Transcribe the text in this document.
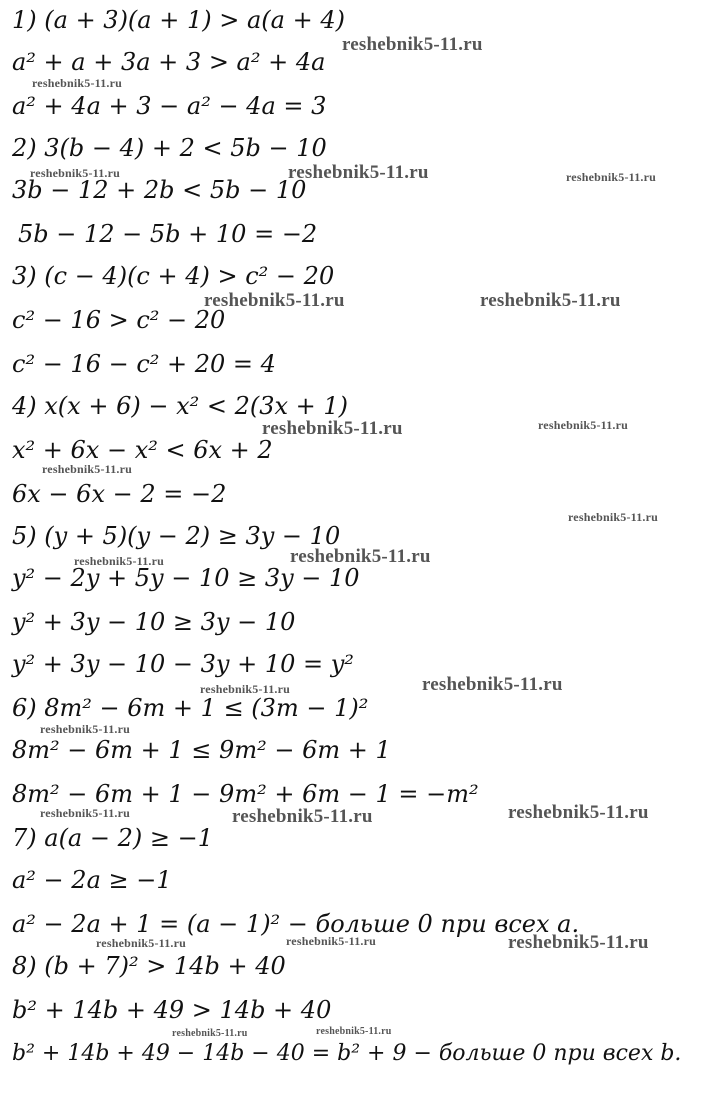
1) (a + 3)(a + 1) > a(a + 4)
a² + a + 3a + 3 > a² + 4a
a² + 4a + 3 − a² − 4a = 3
2) 3(b − 4) + 2 < 5b − 10
3b − 12 + 2b < 5b − 10
5b − 12 − 5b + 10 = −2
3) (c − 4)(c + 4) > c² − 20
c² − 16 > c² − 20
c² − 16 − c² + 20 = 4
4) x(x + 6) − x² < 2(3x + 1)
x² + 6x − x² < 6x + 2
6x − 6x − 2 = −2
5) (y + 5)(y − 2) ≥ 3y − 10
y² − 2y + 5y − 10 ≥ 3y − 10
y² + 3y − 10 ≥ 3y − 10
y² + 3y − 10 − 3y + 10 = y²
6) 8m² − 6m + 1 ≤ (3m − 1)²
8m² − 6m + 1 ≤ 9m² − 6m + 1
8m² − 6m + 1 − 9m² + 6m − 1 = −m²
7) a(a − 2) ≥ −1
a² − 2a ≥ −1
a² − 2a + 1 = (a − 1)² − больше 0 при всех a.
8) (b + 7)² > 14b + 40
b² + 14b + 49 > 14b + 40
b² + 14b + 49 − 14b − 40 = b² + 9 − больше 0 при всех b.
reshebnik5-11.ru
reshebnik5-11.ru
reshebnik5-11.ru	reshebnik5-11.ru	reshebnik5-11.ru
reshebnik5-11.ru	reshebnik5-11.ru
reshebnik5-11.ru	reshebnik5-11.ru
reshebnik5-11.ru
reshebnik5-11.ru
reshebnik5-11.ru	reshebnik5-11.ru
reshebnik5-11.ru
reshebnik5-11.ru
reshebnik5-11.ru
reshebnik5-11.ru	reshebnik5-11.ru	reshebnik5-11.ru
reshebnik5-11.ru	reshebnik5-11.ru	reshebnik5-11.ru
reshebnik5-11.ru	reshebnik5-11.ru
